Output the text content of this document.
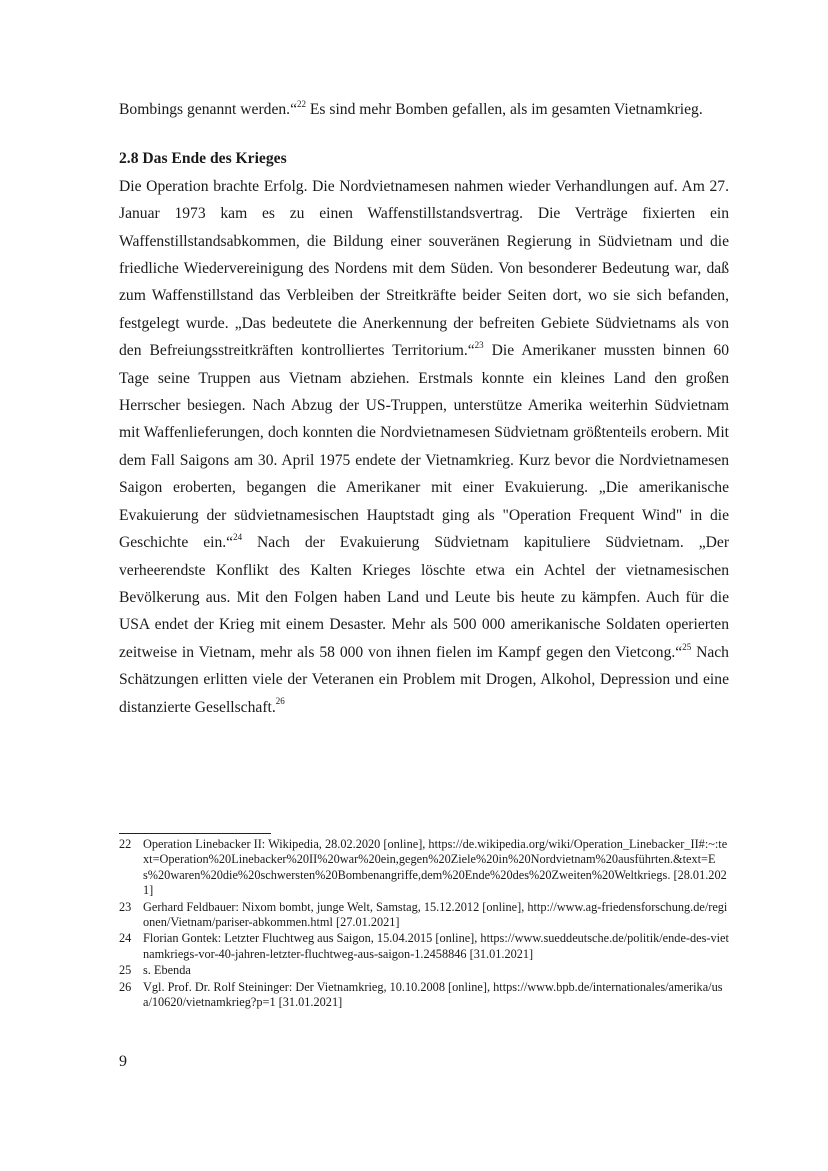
Bombings genannt werden.“$^{22}$ Es sind mehr Bomben gefallen, als im gesamten Vietnamkrieg.

2.8 Das Ende des Krieges

Die Operation brachte Erfolg. Die Nordvietnamesen nahmen wieder Verhandlungen auf. Am 27. Januar 1973 kam es zu einen Waffenstillstandsvertrag. Die Verträge fixierten ein Waffenstillstandsabkommen, die Bildung einer souveränen Regierung in Südvietnam und die friedliche Wiedervereinigung des Nordens mit dem Süden. Von besonderer Bedeutung war, daß zum Waffenstillstand das Verbleiben der Streitkräfte beider Seiten dort, wo sie sich befanden, festgelegt wurde. „Das bedeutete die Anerkennung der befreiten Gebiete Südvietnams als von den Befreiungsstreitkräften kontrolliertes Territorium.“$^{23}$ Die Amerikaner mussten binnen 60 Tage seine Truppen aus Vietnam abziehen. Erstmals konnte ein kleines Land den großen Herrscher besiegen. Nach Abzug der US-Truppen, unterstütze Amerika weiterhin Südvietnam mit Waffenlieferungen, doch konnten die Nordvietnamesen Südvietnam größtenteils erobern. Mit dem Fall Saigons am 30. April 1975 endete der Vietnamkrieg. Kurz bevor die Nordvietnamesen Saigon eroberten, begangen die Amerikaner mit einer Evakuierung. „Die amerikanische Evakuierung der südvietnamesischen Hauptstadt ging als "Operation Frequent Wind" in die Geschichte ein.“$^{24}$ Nach der Evakuierung Südvietnam kapituliere Südvietnam. „Der verheerendste Konflikt des Kalten Krieges löschte etwa ein Achtel der vietnamesischen Bevölkerung aus. Mit den Folgen haben Land und Leute bis heute zu kämpfen. Auch für die USA endet der Krieg mit einem Desaster. Mehr als 500 000 amerikanische Soldaten operierten zeitweise in Vietnam, mehr als 58 000 von ihnen fielen im Kampf gegen den Vietcong.“$^{25}$ Nach Schätzungen erlitten viele der Veteranen ein Problem mit Drogen, Alkohol, Depression und eine distanzierte Gesellschaft.$^{26}$

22 Operation Linebacker II: Wikipedia, 28.02.2020 [online], https://de.wikipedia.org/wiki/Operation_Linebacker_II#:~:text=Operation%20Linebacker%20II%20war%20ein,gegen%20Ziele%20in%20Nordvietnam%20ausführten.&text=Es%20waren%20die%20schwersten%20Bombenangriffe,dem%20Ende%20des%20Zweiten%20Weltkriegs. [28.01.2021]
23 Gerhard Feldbauer: Nixom bombt, junge Welt, Samstag, 15.12.2012 [online], http://www.ag-friedensforschung.de/regionen/Vietnam/pariser-abkommen.html [27.01.2021]
24 Florian Gontek: Letzter Fluchtweg aus Saigon, 15.04.2015 [online], https://www.sueddeutsche.de/politik/ende-des-vietnamkriegs-vor-40-jahren-letzter-fluchtweg-aus-saigon-1.2458846 [31.01.2021]
25 s. Ebenda
26 Vgl. Prof. Dr. Rolf Steininger: Der Vietnamkrieg, 10.10.2008 [online], https://www.bpb.de/internationales/amerika/usa/10620/vietnamkrieg?p=1 [31.01.2021]
9
